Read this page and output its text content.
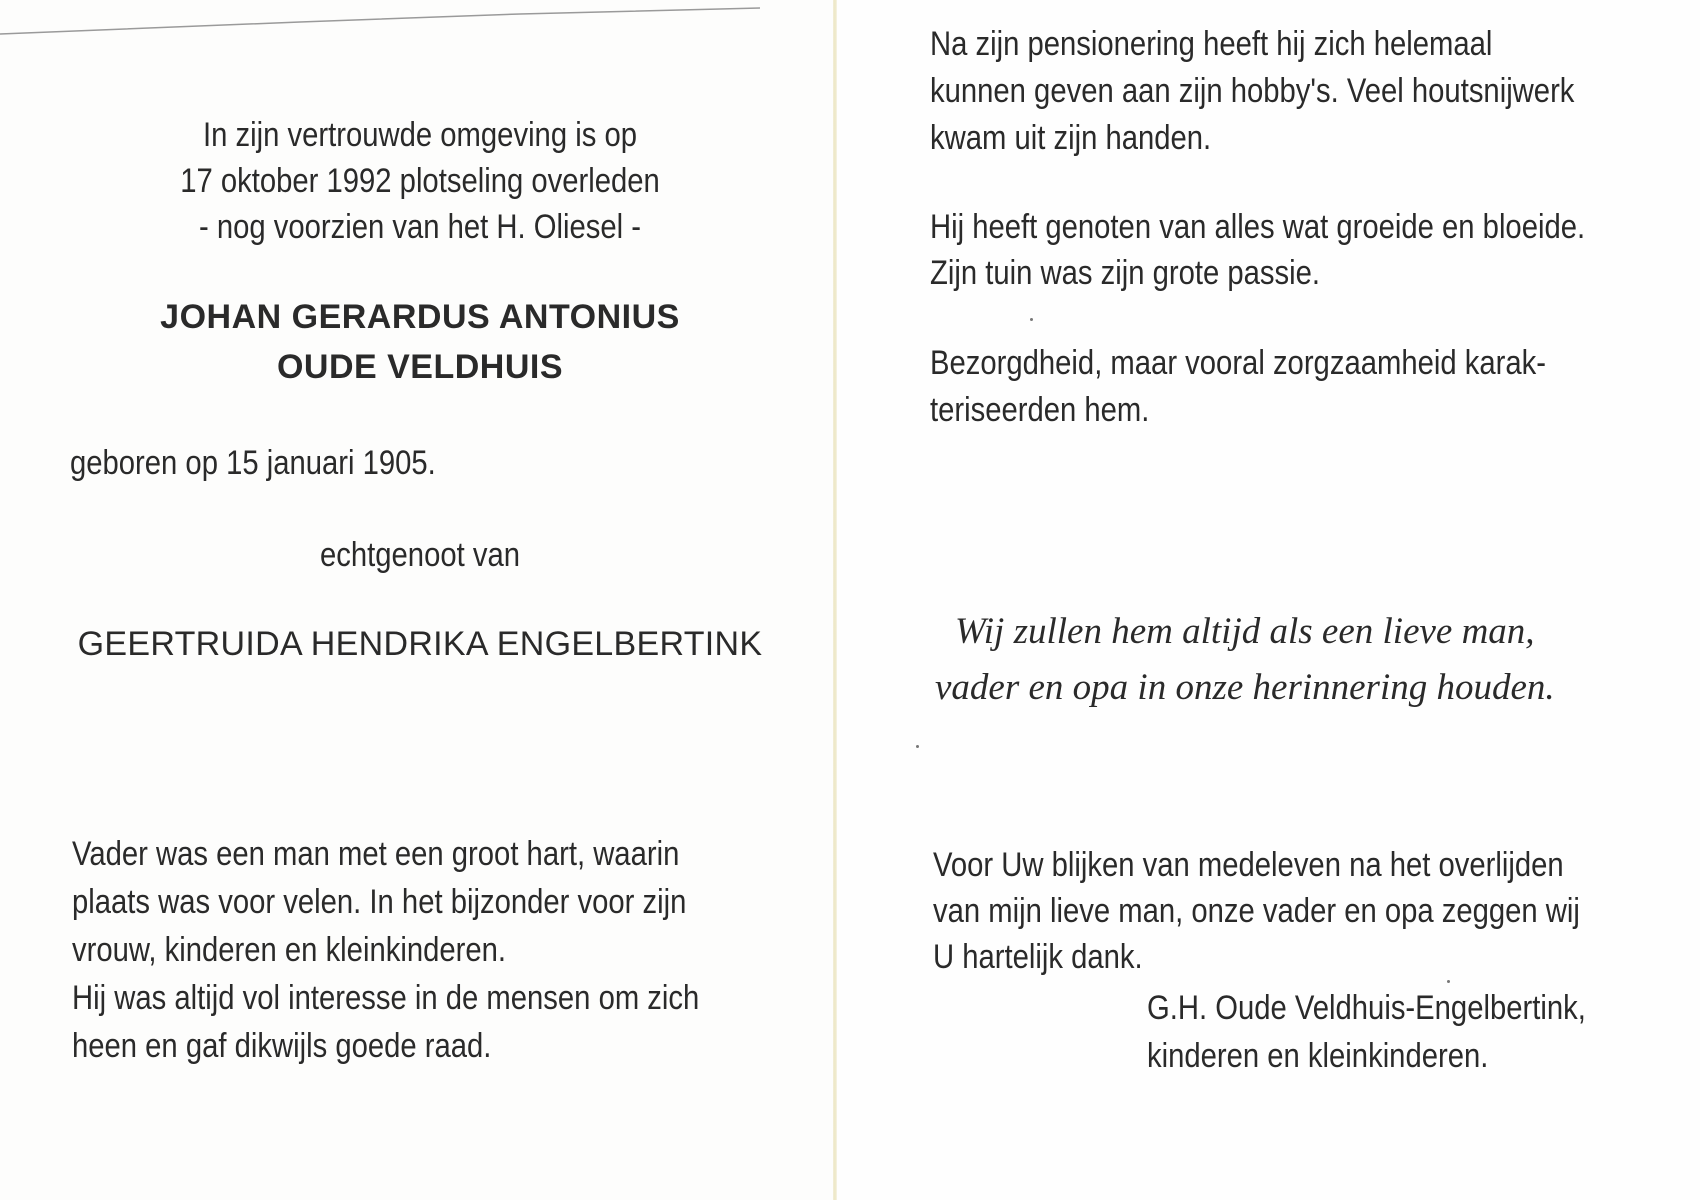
In zijn vertrouwde omgeving is op
17 oktober 1992 plotseling overleden
- nog voorzien van het H. Oliesel -
JOHAN GERARDUS ANTONIUS
OUDE VELDHUIS
geboren op 15 januari 1905.
echtgenoot van
GEERTRUIDA HENDRIKA ENGELBERTINK
Vader was een man met een groot hart, waarin
plaats was voor velen. In het bijzonder voor zijn
vrouw, kinderen en kleinkinderen.
Hij was altijd vol interesse in de mensen om zich
heen en gaf dikwijls goede raad.
Na zijn pensionering heeft hij zich helemaal
kunnen geven aan zijn hobby's. Veel houtsnijwerk
kwam uit zijn handen.
Hij heeft genoten van alles wat groeide en bloeide.
Zijn tuin was zijn grote passie.
Bezorgdheid, maar vooral zorgzaamheid karak-
teriseerden hem.
Wij zullen hem altijd als een lieve man,
vader en opa in onze herinnering houden.
Voor Uw blijken van medeleven na het overlijden
van mijn lieve man, onze vader en opa zeggen wij
U hartelijk dank.
G.H. Oude Veldhuis-Engelbertink,
kinderen en kleinkinderen.
